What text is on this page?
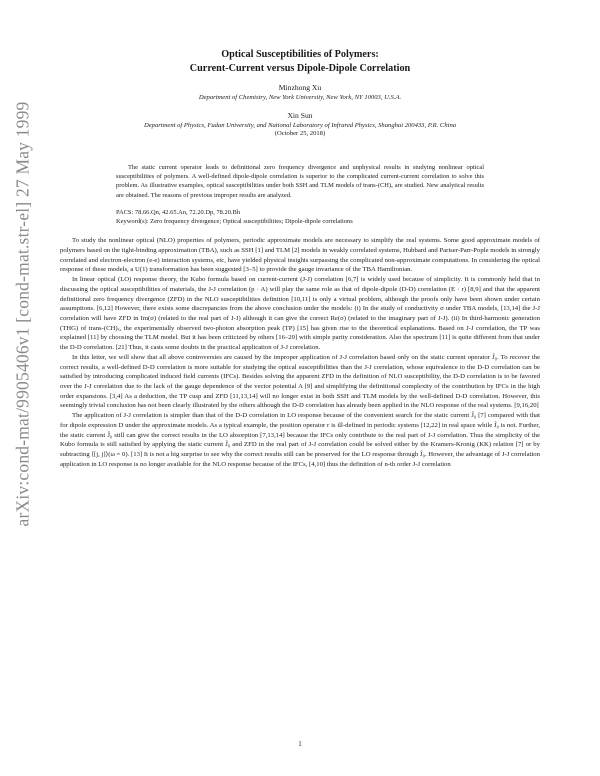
arXiv:cond-mat/9905406v1 [cond-mat.str-el] 27 May 1999
Optical Susceptibilities of Polymers:
Current-Current versus Dipole-Dipole Correlation
Minzhong Xu
Department of Chemistry, New York University, New York, NY 10003, U.S.A.
Xin Sun
Department of Physics, Fudan University, and National Laboratory of Infrared Physics, Shanghai 200433, P.R. China
(October 25, 2018)
The static current operator leads to definitional zero frequency divergence and unphysical results in studying nonlinear optical susceptibilities of polymers. A well-defined dipole-dipole correlation is superior to the complicated current-current correlation to solve this problem. As illustrative examples, optical susceptibilities under both SSH and TLM models of trans-(CH)ₓ are studied. New analytical results are obtained. The reasons of previous improper results are analyzed.
PACS: 78.66.Qn, 42.65.An, 72.20.Dp, 78.20.Bh
Keyword(s): Zero frequency divergence; Optical susceptibilities; Dipole-dipole correlations

To study the nonlinear optical (NLO) properties of polymers, periodic approximate models are necessary to simplify the real systems. Some good approximate models of polymers based on the tight-binding approximation (TBA), such as SSH [1] and TLM [2] models in weakly correlated systems, Hubbard and Pariser-Parr-Pople models in strongly correlated and electron-electron (e-e) interaction systems, etc, have yielded physical insights surpassing the complicated non-approximate computations. In considering the optical response of these models, a U(1) transformation has been suggested [3–5] to provide the gauge invariance of the TBA Hamiltonian.

In linear optical (LO) response theory, the Kubo formula based on current-current (J-J) correlation [6,7] is widely used because of simplicity. It is commonly held that in discussing the optical susceptibilities of materials, the J-J correlation (p · A) will play the same role as that of dipole-dipole (D-D) correlation (E · r) [8,9] and that the apparent definitional zero frequency divergence (ZFD) in the NLO susceptibilities definition [10,11] is only a virtual problem, although the proofs only have been shown under certain assumptions. [6,12] However, there exists some discrepancies from the above conclusion under the models: (i) In the study of conductivity σ under TBA models, [13,14] the J-J correlation will have ZFD in Im(σ) (related to the real part of J-J) although it can give the correct Re(σ) (related to the imaginary part of J-J). (ii) In third-harmonic generation (THG) of trans-(CH)ₓ, the experimentally observed two-photon absorption peak (TP) [15] has given rise to the theoretical explanations. Based on J-J correlation, the TP was explained [11] by choosing the TLM model. But it has been criticized by others [16–20] with simple parity consideration. Also the spectrum [11] is quite different from that under the D-D correlation. [21] Thus, it casts some doubts in the practical application of J-J correlation.

In this letter, we will show that all above controversies are caused by the improper application of J-J correlation based only on the static current operator Ĵ₀. To recover the correct results, a well-defined D-D correlation is more suitable for studying the optical susceptibilities than the J-J correlation, whose equivalence to the D-D correlation can be satisfied by introducing complicated induced field currents (IFCs). Besides solving the apparent ZFD in the definition of NLO susceptibility, the D-D correlation is to be favored over the J-J correlation due to the lack of the gauge dependence of the vector potential A [9] and simplifying the definitional complexity of the contribution by IFCs in the high order expansions. [3,4] As a deduction, the TP cusp and ZFD [11,13,14] will no longer exist in both SSH and TLM models by the well-defined D-D correlation. However, this seemingly trivial conclusion has not been clearly illustrated by the others although the D-D correlation has already been applied in the NLO response of the real systems. [9,16,20]

The application of J-J correlation is simpler than that of the D-D correlation in LO response because of the convenient search for the static current Ĵ₀ [7] compared with that for dipole expression D under the approximate models. As a typical example, the position operator r is ill-defined in periodic systems [12,22] in real space while Ĵ₀ is not. Further, the static current Ĵ₀ still can give the correct results in the LO absorption [7,13,14] because the IFCs only contribute to the real part of J-J correlation. Thus the simplicity of the Kubo formula is still satisfied by applying the static current Ĵ₀ and ZFD in the real part of J-J correlation could be solved either by the Kramers-Kronig (KK) relation [7] or by subtracting ⟨[j, j]⟩(ω = 0). [13] It is not a big surprise to see why the correct results still can be preserved for the LO response through Ĵ₀. However, the advantage of J-J correlation application in LO response is no longer available for the NLO response because of the IFCs, [4,10] thus the definition of n-th order J-J correlation

1
